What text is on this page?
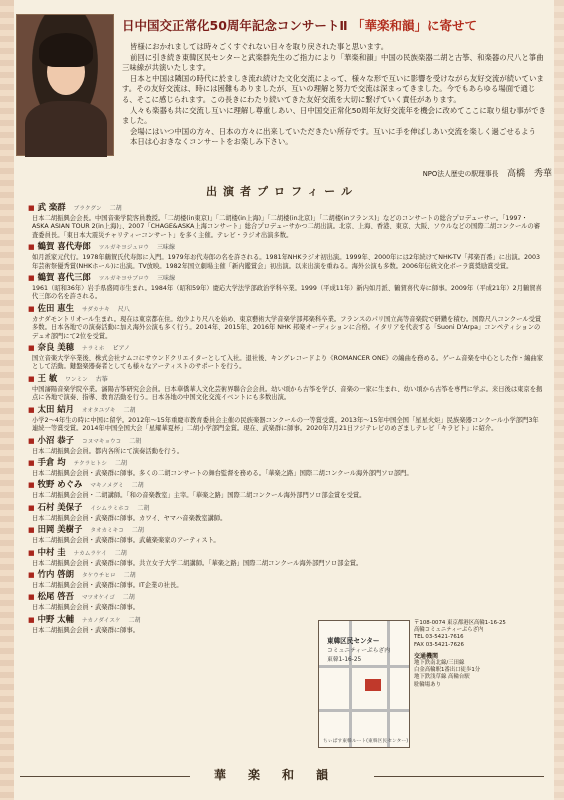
日中国交正常化50周年記念コンサートⅡ 「華楽和韻」に寄せて

皆様におかれましては時々ごくすぐれない日々を取り戻された事と思います。

前回に引き続き東韓区民センターと武楽群先生のご指力により「華楽和韻」中国の民族楽器二胡と古筝、和楽器の尺八と箏曲三味線が共演いたします。

日本と中国は隣国の時代に於ましき流れ続けた文化交流によって、様々な形で互いに影響を受けながら友好交流が続いています。その友好交流は、時には困難もありましたが、互いの理解と努力で交流は深まってきました。今でもあらゆる場面で通じる、そこに感じられます。この長きにわたり続いてきた友好交流を大切に繋げていく責任があります。

人々も楽器も共に交流し互いに理解し尊重しあい、日中国交正常化50周年友好交流年を機会に改めてここに取り組む事ができました。

会場にはいつ中国の方々、日本の方々に出来していただきたい所存です。互いに手を伸ばしあい交流を楽しく過ごせるよう

本日は心おきなくコンサートをお楽しみ下さい。

NPO法人歴史の駅理事長 高橋　秀華
出演者プロフィール
■ 武 楽群 ブラクグン 二胡
日本二胡振興会会長。中国音楽学院客員教授。「二胡楼(in東京)」「二胡楼(in上海)」「二胡楼(in北京)」「二胡楼(inフランス)」などのコンサートの総合プロデューサー。「1997・ASKA ASIAN TOUR 2(in上海)」、2007「CHAGE&ASKA上海コンサート」総合プロデューサかつ二胡出演。北京、上海、香港、東京、大阪、ソウルなどの国際二胡コンクールの審査委員長。「東日本大震災チャリティーコンサート」を多く主催。テレビ・ラジオ出演多数。
■ 鶴賀 喜代寿郎 ツルガキヨジュロウ 三味線
如月派家元代行。1978年鶴賀氏代寿郎に入門。1979年お代寿郎の名を許される。1981年NHKラジオ初出演。1999年、2000年には2年続けてNHK-TV「邦楽百番」に出演。2003年芸術祭優秀賞(NHKホール)に出演。TV放映。1982年国立劇場主催「新内鑑賞会」初出演。以来出演を重ねる。海外公演も多数。2006年伝統文化ポーラ賞奨励賞受賞。
■ 鶴賀 喜代三郎 ツルガキヨサブロウ 三味線
1961（昭和36年）岩手県盛岡市生まれ。1984年（昭和59年）慶応大学法学部政治学科卒業。1999（平成11年）新内如月派、鶴賀喜代寿に師事。2009年（平成21年）2月鶴賀喜代三郎の名を許される。
■ 佐田 恵生 サダカナキ 尺八
カナダモントリオール生まれ。現在は東京都在住。幼少より尺八を始め、東京藝術大学音楽学部邦楽科卒業。フランスのパリ国立高等音楽院で研鑽を積む。国際尺八コンクール受賞多数。日本各地での演奏活動に加え海外公演も多く行う。2014年、2015年、2016年 NHK 邦楽オーディションに合格。イタリアを代表する「Suoni D'Arpa」コンペティションのデュオ部門にて2位を受賞。
■ 奈良 美穂 ナラミホ ピアノ
国立音楽大学卒業後、株式会社ナムコにサウンドクリエイターとして入社。退社後、キングレコードより《ROMANCER ONE》の編曲を務める。ゲーム音楽を中心とした作・編曲家として活動。鍵盤楽器奏者としても様々なアーティストのサポートを行う。
■ 王 敏 ワンミン 古筝
中国瀋陽音楽学院卒業。瀋陽古筝研究会会員。日本華僑華人文化芸術界聯合会会員。幼い頃から古筝を学び、音楽の一家に生まれ、幼い頃から古筝を専門に学ぶ。来日後は東京を拠点に各地で演奏、指導、教育活動を行う。日本各地の中国文化交流イベントにも多数出演。
■ 太田 結月 オオタユヅキ 二胡
小学2〜4年生の時に中国に留学。2012年〜15年重慶市教育委員会主催の民族楽器コンクールの一等賞受賞。2013年〜15年中国全国「星星火炬」民族楽器コンクール小学部門3年連続一等賞受賞。2014年中国全国大会「星耀華夏杯」二胡小学部門金賞。現在、武楽群に師事。2020年7月21日フジテレビのめざましテレビ「キラビト」に紹介。
■ 小沼 恭子 コヌマキョウコ 二胡
日本二胡振興会会員。都内各所にて演奏活動を行う。
■ 手倉 均 テクラヒトシ 二胡
日本二胡振興会会員・武楽群に師事。多くの二胡コンサートの舞台監督を務める。「華楽之路」国際二胡コンクール海外部門ソロ部門。
■ 牧野 めぐみ マキノメグミ 二胡
日本二胡振興会会員・二胡講師。「和の音楽教室」主宰。「華楽之路」国際二胡コンクール海外部門ソロ部金賞を受賞。
■ 石村 美保子 イシムラミホコ 二胡
日本二胡振興会会員・武楽群に師事。カワイ、ヤマハ音楽教室講師。
■ 田岡 美樹子 タオカミキコ 二胡
日本二胡振興会会員・武楽群に師事。武蔵楽楽家のアーティスト。
■ 中村 圭 ナカムラケイ 二胡
日本二胡振興会会員・武楽群に師事。共立女子大学二胡講師。「華楽之路」国際二胡コンクール海外部門ソロ部金賞。
■ 竹内 啓朗 タケウチヒロ 二胡
日本二胡振興会会員・武楽群に師事。IT企業の社長。
■ 松尾 啓吾 マツオケイゴ 二胡
日本二胡振興会会員・武楽群に師事。
■ 中野 太輔 ナカノダイスケ 二胡
日本二胡振興会会員・武楽群に師事。
東韓区民センター
コミュニティーぷらざ内
東韓1-16-25
ちぃばす東韓ルート(東韓区民センター)
〒108-0074 東京都港区高輪1-16-25
高輪コミュニティーぷらざ内
TEL 03-5421-7616
FAX 03-5421-7626
交通機関
地下鉄南北線/三田線
白金高輪駅1番出口徒歩1分
地下鉄浅草線 高輪台駅
駐輪場あり
華楽和韻
